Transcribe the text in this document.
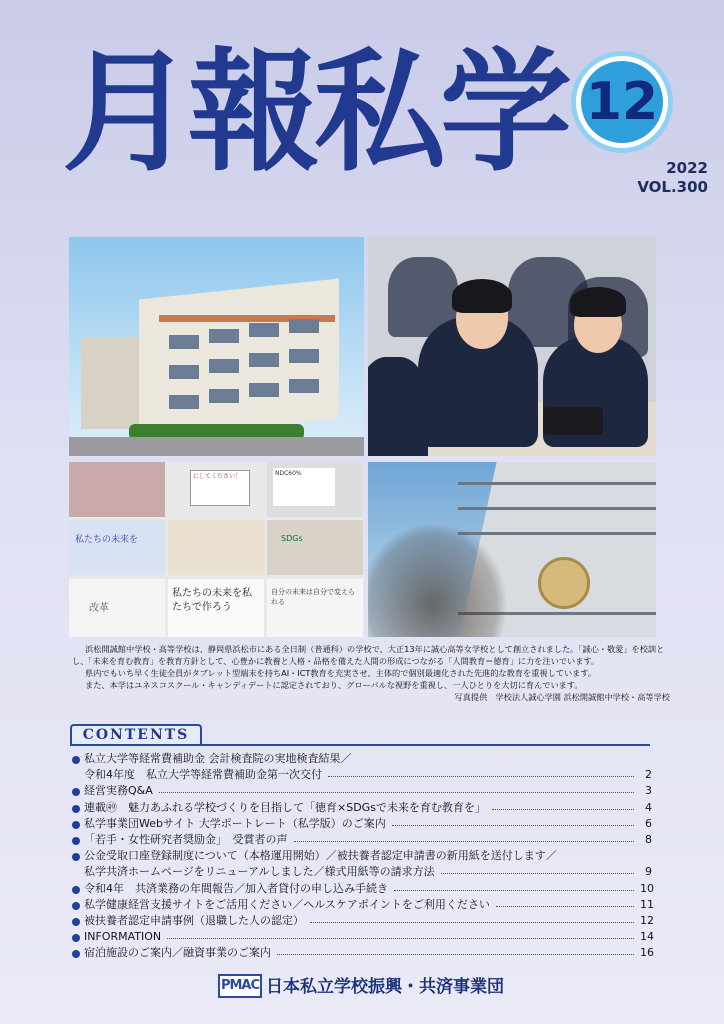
月報私学 12
2022
VOL.300
にしてください！	NDC60%
私たちの未来を	SDGs
改革
私たちの未来を私たちで作ろう
自分の未来は自分で変えられる

浜松開誠館中学校・高等学校は、静岡県浜松市にある全日制（普通科）の学校で、大正13年に誠心高等女学校として創立されました。「誠心・敬愛」を校訓とし、「未来を育む教育」を教育方針として、心豊かに教養と人格・品格を備えた人間の形成につながる「人間教育＝徳育」に力を注いでいます。

県内でもいち早く生徒全員がタブレット型端末を持ちAI・ICT教育を充実させ、主体的で個別最適化された先進的な教育を重視しています。

また、本学はユネスコスクール・キャンディデートに認定されており、グローバルな視野を重視し、一人ひとりを大切に育んでいます。

写真提供　学校法人誠心学園 浜松開誠館中学校・高等学校
CONTENTS
私立大学等経常費補助金 会計検査院の実地検査結果／
令和4年度　私立大学等経常費補助金第一次交付	2
経営実務Q&A	3
連載㊾　魅力あふれる学校づくりを目指して「徳育×SDGsで未来を育む教育を」	4
私学事業団Webサイト 大学ポートレート（私学版）のご案内	6
「若手・女性研究者奨励金」　受賞者の声	8
公金受取口座登録制度について（本格運用開始）／被扶養者認定申請書の新用紙を送付します／
私学共済ホームページをリニューアルしました／様式用紙等の請求方法	9
令和4年　共済業務の年間報告／加入者貸付の申し込み手続き	10
私学健康経営支援サイトをご活用ください／ヘルスケアポイントをご利用ください	11
被扶養者認定申請事例（退職した人の認定）	12
INFORMATION	14
宿泊施設のご案内／融資事業のご案内	16
PMAC 日本私立学校振興・共済事業団
